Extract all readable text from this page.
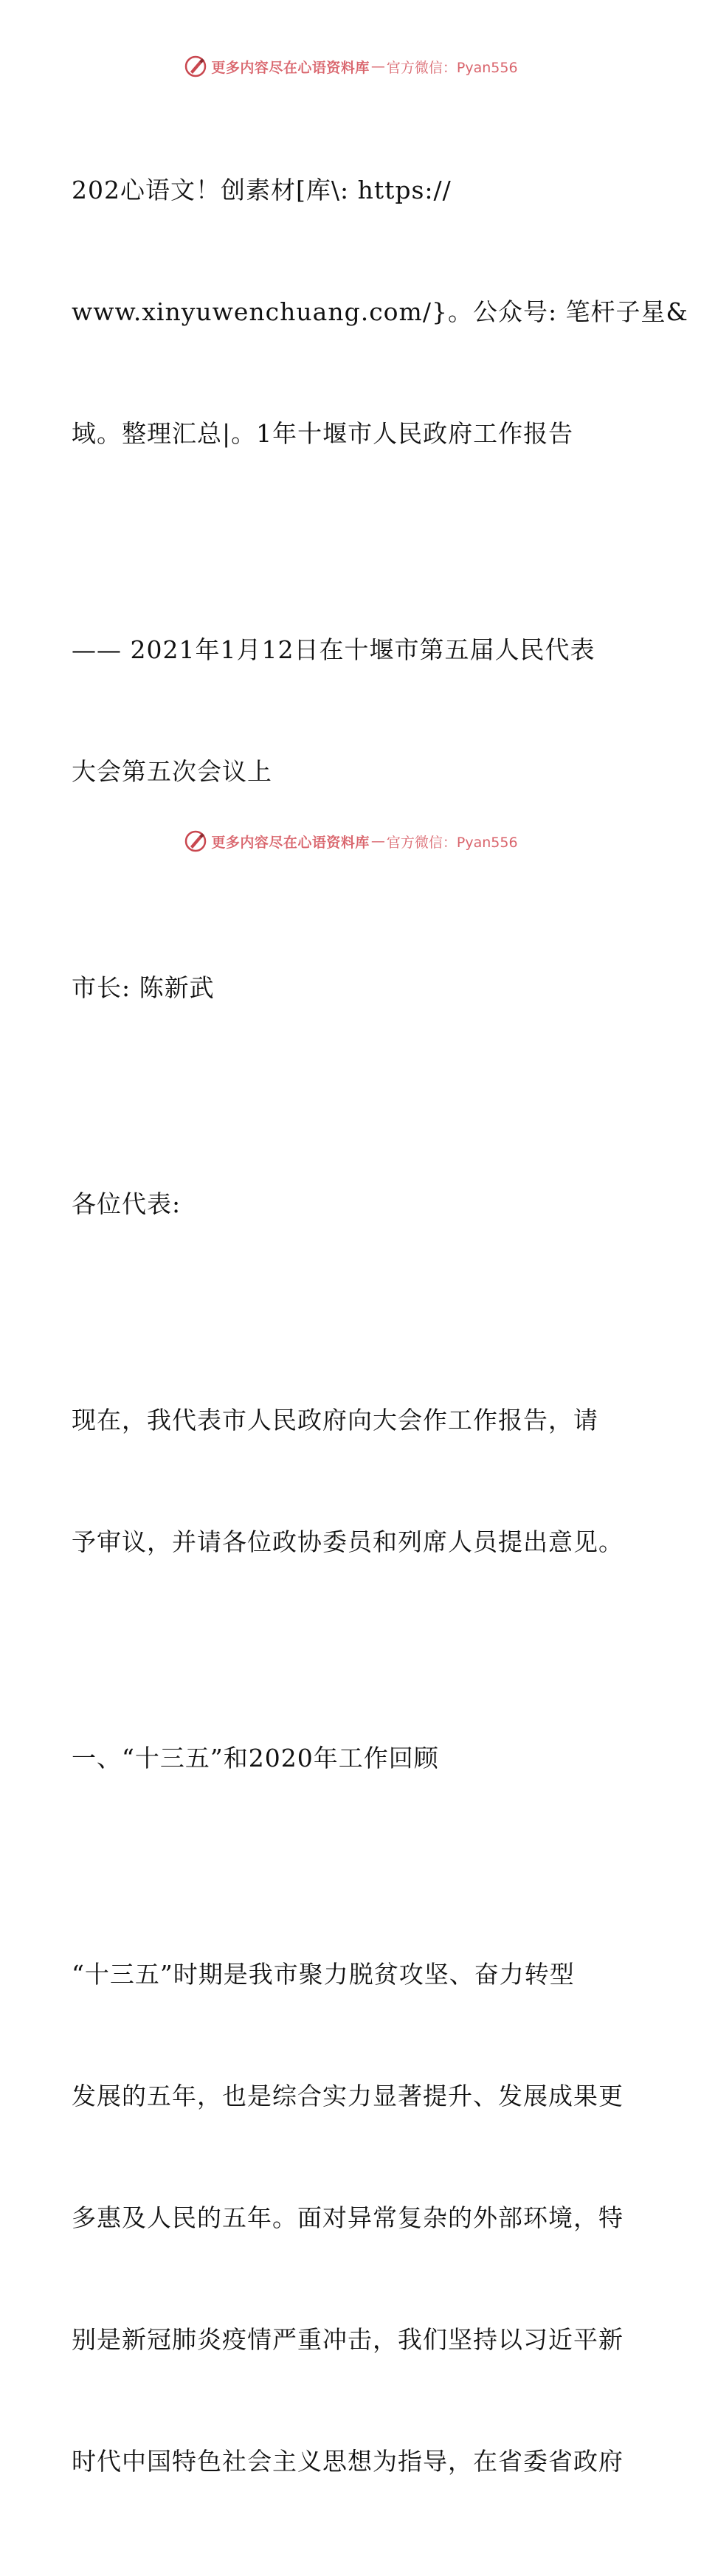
更多内容尽在心语资料库 — 官方微信：Pyan556

202心语文！创素材[库\: https://

www.xinyuwenchuang.com/}。公众号: 笔杆子星&

域。整理汇总|。1年十堰市人民政府工作报告

—— 2021年1月12日在十堰市第五届人民代表

大会第五次会议上

市长: 陈新武

各位代表:

现在，我代表市人民政府向大会作工作报告，请

予审议，并请各位政协委员和列席人员提出意见。

一、“十三五”和2020年工作回顾

“十三五”时期是我市聚力脱贫攻坚、奋力转型

发展的五年，也是综合实力显著提升、发展成果更

多惠及人民的五年。面对异常复杂的外部环境，特

别是新冠肺炎疫情严重冲击，我们坚持以习近平新

时代中国特色社会主义思想为指导，在省委省政府

更多内容尽在心语资料库 — 官方微信：Pyan556
